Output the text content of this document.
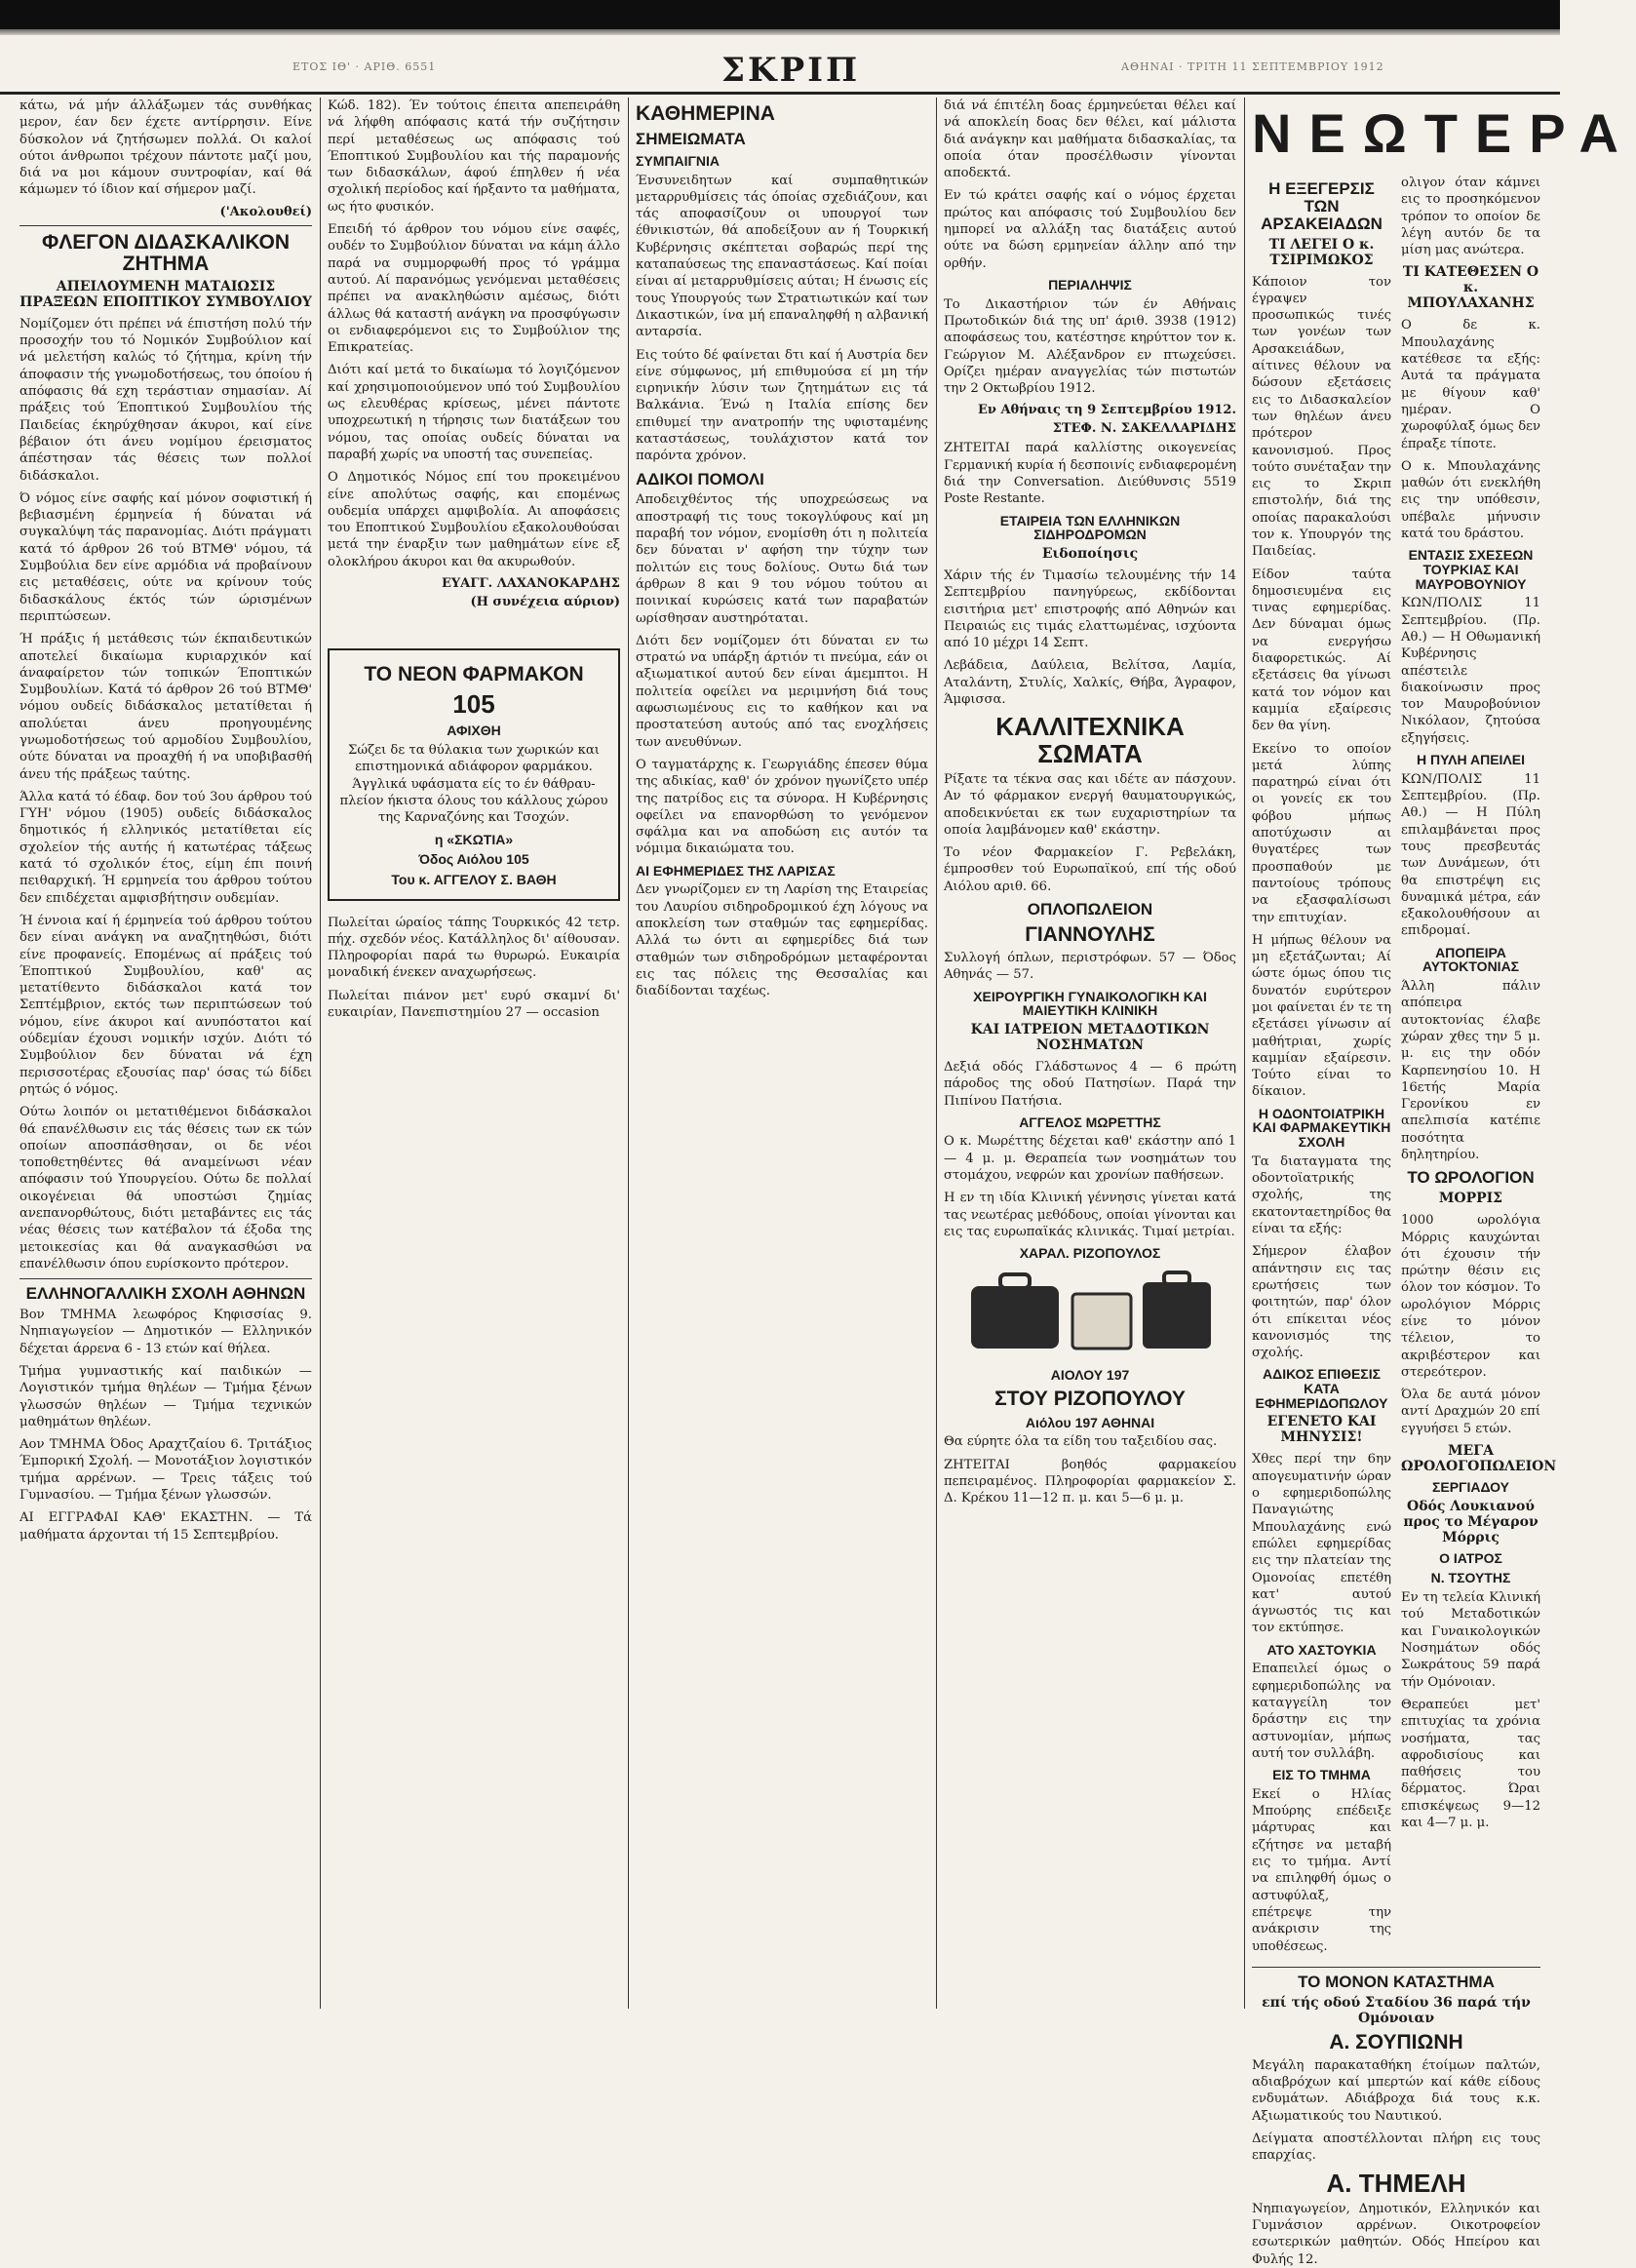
ΕΤΟΣ ΙΘ' · ΑΡΙΘ. 6551	ΣΚΡΙΠ	ΑΘΗΝΑΙ · ΤΡΙΤΗ 11 ΣΕΠΤΕΜΒΡΙΟΥ 1912

κάτω, νά μήν άλλάξωμεν τάς συνθήκας μερον, έαν δεν έχετε αντίρρησιν. Είνε δύσκολον νά ζητήσωμεν πολλά. Οι καλοί ούτοι άνθρωποι τρέχουν πάντοτε μαζί μου, διά να μοι κάμουν συντροφίαν, καί θά κάμωμεν τό ίδιον καί σήμερον μαζί.

('Ακολουθεί)
ΦΛΕΓΟΝ ΔΙΔΑΣΚΑΛΙΚΟΝ ΖΗΤΗΜΑ
ΑΠΕΙΛΟΥΜΕΝΗ ΜΑΤΑΙΩΣΙΣ ΠΡΑΞΕΩΝ ΕΠΟΠΤΙΚΟΥ ΣΥΜΒΟΥΛΙΟΥ

Νομίζομεν ότι πρέπει νά έπιστήση πολύ τήν προσοχήν του τό Νομικόν Συμβούλιον καί νά μελετήση καλώς τό ζήτημα, κρίνη τήν άποφασιν τής γνωμοδοτήσεως, του όποίου ή απόφασις θά εχη τεράστιαν σημασίαν. Αί πράξεις τού Έποπτικού Συμβουλίου τής Παιδείας έκηρύχθησαν άκυροι, καί είνε βέβαιον ότι άνευ νομίμου έρεισματος άπέστησαν τάς θέσεις των πολλοί διδάσκαλοι.

Ό νόμος είνε σαφής καί μόνον σοφιστική ή βεβιασμένη έρμηνεία ή δύναται νά συγκαλύψη τάς παρανομίας. Διότι πράγματι κατά τό άρθρον 26 τού ΒΤΜΘ' νόμου, τά Συμβούλια δεν είνε αρμόδια νά προβαίνουν εις μεταθέσεις, ούτε να κρίνουν τούς διδασκάλους έκτός τών ώρισμένων περιπτώσεων.

Ή πράξις ή μετάθεσις τών έκπαιδευτικών αποτελεί δικαίωμα κυριαρχικόν καί άναφαίρετον τών τοπικών Έποπτικών Συμβουλίων. Κατά τό άρθρον 26 τού ΒΤΜΘ' νόμου ουδείς διδάσκαλος μετατίθεται ή απολύεται άνευ προηγουμένης γνωμοδοτήσεως τού αρμοδίου Συμβουλίου, ούτε δύναται να προαχθή ή να υποβιβασθή άνευ τής πράξεως ταύτης.

Άλλα κατά τό έδαφ. δον τού 3ου άρθρου τού ΓΥΗ' νόμου (1905) ουδείς διδάσκαλος δημοτικός ή ελληνικός μετατίθεται είς σχολείον τής αυτής ή κατωτέρας τάξεως κατά τό σχολικόν έτος, είμη έπι ποινή πειθαρχική. Ή ερμηνεία του άρθρου τούτου δεν επιδέχεται αμφισβήτησιν ουδεμίαν.

Ή έννοια καί ή έρμηνεία τού άρθρου τούτου δεν είναι ανάγκη να αναζητηθώσι, διότι είνε προφανείς. Επομένως αί πράξεις τού Έποπτικού Συμβουλίου, καθ' ας μετατίθεντο διδάσκαλοι κατά τον Σεπτέμβριον, εκτός των περιπτώσεων τού νόμου, είνε άκυροι καί ανυπόστατοι καί ούδεμίαν έχουσι νομικήν ισχύν. Διότι τό Συμβούλιον δεν δύναται νά έχη περισσοτέρας εξουσίας παρ' όσας τώ δίδει ρητώς ό νόμος.

Ούτω λοιπόν οι μετατιθέμενοι διδάσκαλοι θά επανέλθωσιν εις τάς θέσεις των εκ τών οποίων αποσπάσθησαν, οι δε νέοι τοποθετηθέντες θά αναμείνωσι νέαν απόφασιν τού Υπουργείου. Ούτω δε πολλαί οικογένειαι θά υποστώσι ζημίας ανεπανορθώτους, διότι μεταβάντες εις τάς νέας θέσεις των κατέβαλον τά έξοδα της μετοικεσίας και θά αναγκασθώσι να επανέλθωσιν όπου ευρίσκοντο πρότερον.

ΕΛΛΗΝΟΓΑΛΛΙΚΗ ΣΧΟΛΗ ΑΘΗΝΩΝ

Βον ΤΜΗΜΑ λεωφόρος Κηφισσίας 9. Νηπιαγωγείον — Δημοτικόν — Ελληνικόν δέχεται άρρενα 6 - 13 ετών καί θήλεα.

Τμήμα γυμναστικής καί παιδικών — Λογιστικόν τμήμα θηλέων — Τμήμα ξένων γλωσσών θηλέων — Τμήμα τεχνικών μαθημάτων θηλέων.

Αον ΤΜΗΜΑ Όδος Αραχτζαίου 6. Τριτάξιος Έμπορική Σχολή. — Μονοτάξιον λογιστικόν τμήμα αρρένων. — Τρεις τάξεις τού Γυμνασίου. — Τμήμα ξένων γλωσσών.

ΑΙ ΕΓΓΡΑΦΑΙ ΚΑΘ' ΕΚΑΣΤΗΝ. — Τά μαθήματα άρχονται τή 15 Σεπτεμβρίου.

Κώδ. 182). Έν τούτοις έπειτα απεπειράθη νά λήφθη απόφασις κατά τήν συζήτησιν περί μεταθέσεως ως απόφασις τού Έποπτικού Συμβουλίου και τής παραμονής των διδασκάλων, άφού έπηλθεν ή νέα σχολική περίοδος καί ήρξαντο τα μαθήματα, ως ήτο φυσικόν.

Επειδή τό άρθρον του νόμου είνε σαφές, ουδέν το Συμβούλιον δύναται να κάμη άλλο παρά να συμμορφωθή προς τό γράμμα αυτού. Αί παρανόμως γενόμεναι μεταθέσεις πρέπει να ανακληθώσιν αμέσως, διότι άλλως θά καταστή ανάγκη να προσφύγωσιν οι ενδιαφερόμενοι εις το Συμβούλιον της Επικρατείας.

Διότι καί μετά το δικαίωμα τό λογιζόμενον καί χρησιμοποιούμενον υπό τού Συμβουλίου ως ελευθέρας κρίσεως, μένει πάντοτε υποχρεωτική η τήρησις των διατάξεων του νόμου, τας οποίας ουδείς δύναται να παραβή χωρίς να υποστή τας συνεπείας.

Ο Δημοτικός Νόμος επί του προκειμένου είνε απολύτως σαφής, και επομένως ουδεμία υπάρχει αμφιβολία. Αι αποφάσεις του Εποπτικού Συμβουλίου εξακολουθούσαι μετά την έναρξιν των μαθημάτων είνε εξ ολοκλήρου άκυροι και θα ακυρωθούν.

ΕΥΑΓΓ. ΛΑΧΑΝΟΚΑΡΔΗΣ
(Η συνέχεια αύριον)
ΤΟ ΝΕΟΝ ΦΑΡΜΑΚΟΝ
105
ΑΦΙΧΘΗ

Σώζει δε τα θύλακια των χωρικών και επιστημονικά αδιάφορον φαρμάκου. Άγγλικά υφάσματα είς το έν θάθραυ- πλείον ήκιστα όλους του κάλλους χώρου της Καρναζόνης και Τσοχών.

η «ΣΚΩΤΙΑ»
Όδος Αιόλου 105
Του κ. ΑΓΓΕΛΟΥ Σ. ΒΑΘΗ

Πωλείται ώραίος τάπης Τουρκικός 42 τετρ. πήχ. σχεδόν νέος. Κατάλληλος δι' αίθουσαν. Πληροφορίαι παρά τω θυρωρώ. Ευκαιρία μοναδική ένεκεν αναχωρήσεως.

Πωλείται πιάνον μετ' ευρύ σκαμνί δι' ευκαιρίαν, Πανεπιστημίου 27 — occasion

ΚΑΘΗΜΕΡΙΝΑ
ΣΗΜΕΙΩΜΑΤΑ
ΣΥΜΠΑΙΓΝΙΑ

Ένσυνειδητων καί συμπαθητικών μεταρρυθμίσεις τάς όποίας σχεδιάζουν, και τάς αποφασίζουν οι υπουργοί των έθνικιστών, θά αποδείξουν αν ή Τουρκική Κυβέρνησις σκέπτεται σοβαρώς περί της καταπαύσεως της επαναστάσεως. Καί ποίαι είναι αί μεταρρυθμίσεις αύται; Η ένωσις είς τους Υπουργούς των Στρατιωτικών καί των Δικαστικών, ίνα μή επαναληφθή η αλβανική ανταρσία.

Εις τούτο δέ φαίνεται δτι καί ή Αυστρία δεν είνε σύμφωνος, μή επιθυμούσα εί μη τήν ειρηνικήν λύσιν των ζητημάτων εις τά Βαλκάνια. Ένώ η Ιταλία επίσης δεν επιθυμεί την ανατροπήν της υφισταμένης καταστάσεως, τουλάχιστον κατά τον παρόντα χρόνον.

ΑΔΙΚΟΙ ΠΟΜΟΛΙ

Αποδειχθέντος τής υποχρεώσεως να αποστραφή τις τους τοκογλύφους καί μη παραβή τον νόμον, ενομίσθη ότι η πολιτεία δεν δύναται ν' αφήση την τύχην των πολιτών εις τους δολίους. Ουτω διά των άρθρων 8 και 9 του νόμου τούτου αι ποινικαί κυρώσεις κατά των παραβατών ωρίσθησαν αυστηρόταται.

Διότι δεν νομίζομεν ότι δύναται εν τω στρατώ να υπάρξη άρτιόν τι πνεύμα, εάν οι αξιωματικοί αυτού δεν είναι άμεμπτοι. Η πολιτεία οφείλει να μεριμνήση διά τους αφωσιωμένους εις το καθήκον και να προστατεύση αυτούς από τας ενοχλήσεις των ανευθύνων.

Ο ταγματάρχης κ. Γεωργιάδης έπεσεν θύμα της αδικίας, καθ' όν χρόνον ηγωνίζετο υπέρ της πατρίδος εις τα σύνορα. Η Κυβέρνησις οφείλει να επανορθώση το γενόμενον σφάλμα και να αποδώση εις αυτόν τα νόμιμα δικαιώματα του.

ΑΙ ΕΦΗΜΕΡΙΔΕΣ ΤΗΣ ΛΑΡΙΣΑΣ

Δεν γνωρίζομεν εν τη Λαρίση της Εταιρείας του Λαυρίου σιδηροδρομικού έχη λόγους να αποκλείση των σταθμών τας εφημερίδας. Αλλά τω όντι αι εφημερίδες διά των σταθμών των σιδηροδρόμων μεταφέρονται εις τας πόλεις της Θεσσαλίας και διαδίδονται ταχέως.

διά νά έπιτέλη δοας έρμηνεύεται θέλει καί νά αποκλείη δοας δεν θέλει, καί μάλιστα διά ανάγκην και μαθήματα διδασκαλίας, τα οποία όταν προσέλθωσιν γίνονται αποδεκτά.

Εν τώ κράτει σαφής καί ο νόμος έρχεται πρώτος και απόφασις τού Συμβουλίου δεν ημπορεί να αλλάξη τας διατάξεις αυτού ούτε να δώση ερμηνείαν άλλην από την ορθήν.

ΠΕΡΙΑΛΗΨΙΣ

Το Δικαστήριον τών έν Αθήναις Πρωτοδικών διά της υπ' άριθ. 3938 (1912) αποφάσεως του, κατέστησε κηρύττον τον κ. Γεώργιον Μ. Αλέξανδρον εν πτωχεύσει. Ορίζει ημέραν αναγγελίας τών πιστωτών την 2 Οκτωβρίου 1912.

Εν Αθήναις τη 9 Σεπτεμβρίου 1912.
ΣΤΕΦ. Ν. ΣΑΚΕΛΛΑΡΙΔΗΣ

ΖΗΤΕΙΤΑΙ παρά καλλίστης οικογενείας Γερμανική κυρία ή δεσποινίς ενδιαφερομένη διά την Conversation. Διεύθυνσις 5519 Poste Restante.

ΕΤΑΙΡΕΙΑ ΤΩΝ ΕΛΛΗΝΙΚΩΝ ΣΙΔΗΡΟΔΡΟΜΩΝ
Ειδοποίησις

Χάριν τής έν Τιμασίω τελουμένης τήν 14 Σεπτεμβρίου πανηγύρεως, εκδίδονται εισιτήρια μετ' επιστροφής από Αθηνών και Πειραιώς εις τιμάς ελαττωμένας, ισχύοντα από 10 μέχρι 14 Σεπτ.

Λεβάδεια, Δαύλεια, Βελίτσα, Λαμία, Αταλάντη, Στυλίς, Χαλκίς, Θήβα, Άγραφον, Άμφισσα.

ΚΑΛΛΙΤΕΧΝΙΚΑ ΣΩΜΑΤΑ

Ρίξατε τα τέκνα σας και ιδέτε αν πάσχουν. Αν τό φάρμακον ενεργή θαυματουργικώς, αποδεικνύεται εκ των ευχαριστηρίων τα οποία λαμβάνομεν καθ' εκάστην.

Το νέον Φαρμακείον Γ. Ρεβελάκη, έμπροσθεν τού Ευρωπαϊκού, επί τής οδού Αιόλου αριθ. 66.

ΟΠΛΟΠΩΛΕΙΟΝ
ΓΙΑΝΝΟΥΛΗΣ

Συλλογή όπλων, περιστρόφων. 57 — Όδος Αθηνάς — 57.

ΧΕΙΡΟΥΡΓΙΚΗ ΓΥΝΑΙΚΟΛΟΓΙΚΗ ΚΑΙ ΜΑΙΕΥΤΙΚΗ ΚΛΙΝΙΚΗ
ΚΑΙ ΙΑΤΡΕΙΟΝ ΜΕΤΑΔΟΤΙΚΩΝ ΝΟΣΗΜΑΤΩΝ

Δεξιά οδός Γλάδστωνος 4 — 6 πρώτη πάροδος της οδού Πατησίων. Παρά την Πιπίνου Πατήσια.

ΑΓΓΕΛΟΣ ΜΩΡΕΤΤΗΣ

Ο κ. Μωρέττης δέχεται καθ' εκάστην από 1 — 4 μ. μ. Θεραπεία των νοσημάτων του στομάχου, νεφρών και χρονίων παθήσεων.

Η εν τη ιδία Κλινική γέννησις γίνεται κατά τας νεωτέρας μεθόδους, οποίαι γίνονται και εις τας ευρωπαϊκάς κλινικάς. Τιμαί μετρίαι.

ΧΑΡΑΛ. ΡΙΖΟΠΟΥΛΟΣ
ΑΙΟΛΟΥ 197
ΣΤΟΥ ΡΙΖΟΠΟΥΛΟΥ
Αιόλου 197 ΑΘΗΝΑΙ

Θα εύρητε όλα τα είδη του ταξειδίου σας.

ΖΗΤΕΙΤΑΙ βοηθός φαρμακείου πεπειραμένος. Πληροφορίαι φαρμακείον Σ. Δ. Κρέκου 11—12 π. μ. και 5—6 μ. μ.

ΝΕΩΤΕΡΑ
Η ΕΞΕΓΕΡΣΙΣ ΤΩΝ ΑΡΣΑΚΕΙΑΔΩΝ
ΤΙ ΛΕΓΕΙ Ο κ. ΤΣΙΡΙΜΩΚΟΣ

Κάποιον τον έγραψεν προσωπικώς τινές των γονέων των Αρσακειάδων, αίτινες θέλουν να δώσουν εξετάσεις εις το Διδασκαλείον των θηλέων άνευ πρότερον κανονισμού. Προς τούτο συνέταξαν την εις το Σκριπ επιστολήν, διά της οποίας παρακαλούσι τον κ. Υπουργόν της Παιδείας.

Είδον ταύτα δημοσιευμένα εις τινας εφημερίδας. Δεν δύναμαι όμως να ενεργήσω διαφορετικώς. Αί εξετάσεις θα γίνωσι κατά τον νόμον και καμμία εξαίρεσις δεν θα γίνη.

Εκείνο το οποίον μετά λύπης παρατηρώ είναι ότι οι γονείς εκ του φόβου μήπως αποτύχωσιν αι θυγατέρες των προσπαθούν με παντοίους τρόπους να εξασφαλίσωσι την επιτυχίαν.

Η μήπως θέλουν να μη εξετάζωνται; Αί ώστε όμως όπου τις δυνατόν ευρύτερον μοι φαίνεται έν τε τη εξετάσει γίνωσιν αί μαθήτριαι, χωρίς καμμίαν εξαίρεσιν. Τούτο είναι το δίκαιον.

Η ΟΔΟΝΤΟΙΑΤΡΙΚΗ ΚΑΙ ΦΑΡΜΑΚΕΥΤΙΚΗ ΣΧΟΛΗ

Τα διαταγματα της οδοντοϊατρικής σχολής, της εκατονταετηρίδος θα είναι τα εξής:

Σήμερον έλαβον απάντησιν εις τας ερωτήσεις των φοιτητών, παρ' όλον ότι επίκειται νέος κανονισμός της σχολής.

ΑΔΙΚΟΣ ΕΠΙΘΕΣΙΣ ΚΑΤΑ ΕΦΗΜΕΡΙΔΟΠΩΛΟΥ
ΕΓΕΝΕΤΟ ΚΑΙ ΜΗΝΥΣΙΣ!

Χθες περί την 6ην απογευματινήν ώραν ο εφημεριδοπώλης Παναγιώτης Μπουλαχάνης ενώ επώλει εφημερίδας εις την πλατείαν της Ομονοίας επετέθη κατ' αυτού άγνωστός τις και τον εκτύπησε.

ΑΤΟ ΧΑΣΤΟΥΚΙΑ

Επαπειλεί όμως ο εφημεριδοπώλης να καταγγείλη τον δράστην εις την αστυνομίαν, μήπως αυτή τον συλλάβη.

ΕΙΣ ΤΟ ΤΜΗΜΑ

Εκεί ο Ηλίας Μπούρης επέδειξε μάρτυρας και εζήτησε να μεταβή εις το τμήμα. Αντί να επιληφθή όμως ο αστυφύλαξ, επέτρεψε την ανάκρισιν της υποθέσεως.

ολιγον όταν κάμνει εις το προσηκόμενον τρόπον το οποίον δε λέγη αυτόν δε τα μίση μας ανώτερα.

ΤΙ ΚΑΤΕΘΕΣΕΝ Ο κ. ΜΠΟΥΛΑΧΑΝΗΣ

Ο δε κ. Μπουλαχάνης κατέθεσε τα εξής: Αυτά τα πράγματα με θίγουν καθ' ημέραν. Ο χωροφύλαξ όμως δεν έπραξε τίποτε.

Ο κ. Μπουλαχάνης μαθών ότι ενεκλήθη εις την υπόθεσιν, υπέβαλε μήνυσιν κατά του δράστου.

ΕΝΤΑΣΙΣ ΣΧΕΣΕΩΝ ΤΟΥΡΚΙΑΣ ΚΑΙ ΜΑΥΡΟΒΟΥΝΙΟΥ

ΚΩΝ/ΠΟΛΙΣ 11 Σεπτεμβρίου. (Πρ. Αθ.) — Η Οθωμανική Κυβέρνησις απέστειλε διακοίνωσιν προς τον Μαυροβούνιον Νικόλαον, ζητούσα εξηγήσεις.

Η ΠΥΛΗ ΑΠΕΙΛΕΙ

ΚΩΝ/ΠΟΛΙΣ 11 Σεπτεμβρίου. (Πρ. Αθ.) — Η Πύλη επιλαμβάνεται προς τους πρεσβευτάς των Δυνάμεων, ότι θα επιστρέψη εις δυναμικά μέτρα, εάν εξακολουθήσουν αι επιδρομαί.

ΑΠΟΠΕΙΡΑ ΑΥΤΟΚΤΟΝΙΑΣ

Άλλη πάλιν απόπειρα αυτοκτονίας έλαβε χώραν χθες την 5 μ. μ. εις την οδόν Καρπενησίου 10. Η 16ετής Μαρία Γερονίκου εν απελπισία κατέπιε ποσότητα δηλητηρίου.

ΤΟ ΩΡΟΛΟΓΙΟΝ
ΜΟΡΡΙΣ

1000 ωρολόγια Μόρρις καυχώνται ότι έχουσιν τήν πρώτην θέσιν εις όλον τον κόσμον. Το ωρολόγιον Μόρρις είνε το μόνον τέλειον, το ακριβέστερον και στερεότερον.

Όλα δε αυτά μόνον αντί Δραχμών 20 επί εγγυήσει 5 ετών.

ΜΕΓΑ ΩΡΟΛΟΓΟΠΩΛΕΙΟΝ
ΣΕΡΓΙΑΔΟΥ
Οδός Λουκιανού προς το Μέγαρον Μόρρις
Ο ΙΑΤΡΟΣ
Ν. ΤΣΟΥΤΗΣ

Εν τη τελεία Κλινική τού Μεταδοτικών και Γυναικολογικών Νοσημάτων οδός Σωκράτους 59 παρά τήν Ομόνοιαν.

Θεραπεύει μετ' επιτυχίας τα χρόνια νοσήματα, τας αφροδισίους και παθήσεις του δέρματος. Ώραι επισκέψεως 9—12 και 4—7 μ. μ.

ΤΟ ΜΟΝΟΝ ΚΑΤΑΣΤΗΜΑ
επί τής οδού Σταδίου 36 παρά τήν Ομόνοιαν
Α. ΣΟΥΠΙΩΝΗ

Μεγάλη παρακαταθήκη έτοίμων παλτών, αδιαβρόχων καί μπερτών καί κάθε είδους ενδυμάτων. Αδιάβροχα διά τους κ.κ. Αξιωματικούς του Ναυτικού.

Δείγματα αποστέλλονται πλήρη εις τους επαρχίας.

Α. ΤΗΜΕΛΗ

Νηπιαγωγείον, Δημοτικόν, Ελληνικόν και Γυμνάσιον αρρένων. Οικοτροφείον εσωτερικών μαθητών. Οδός Ηπείρου και Φυλής 12.
